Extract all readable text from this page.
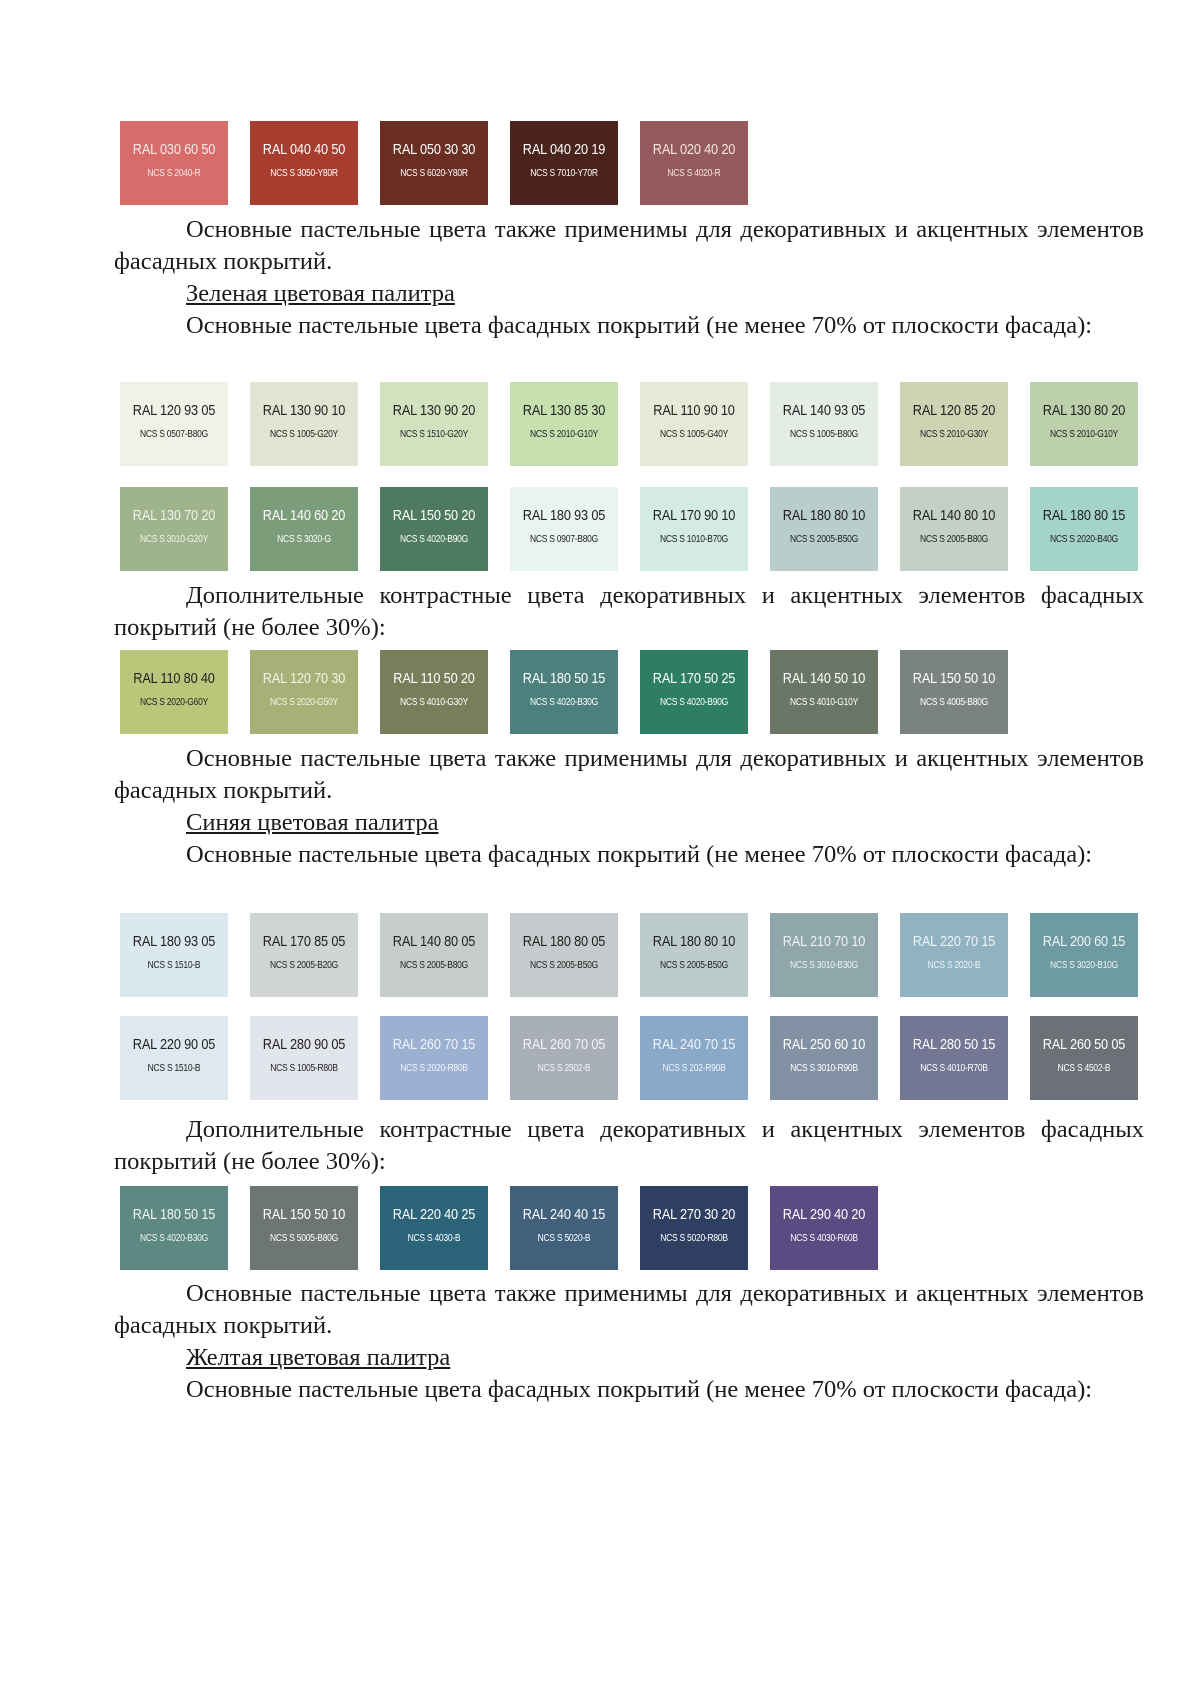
RAL 030 60 50
NCS S 2040-R
RAL 040 40 50
NCS S 3050-Y80R
RAL 050 30 30
NCS S 6020-Y80R
RAL 040 20 19
NCS S 7010-Y70R
RAL 020 40 20
NCS S 4020-R
Основные пастельные цвета также применимы для декоративных и акцентных элементов фасадных покрытий.
Зеленая цветовая палитра
Основные пастельные цвета фасадных покрытий (не менее 70% от плоскости фасада):
RAL 120 93 05
NCS S 0507-B80G
RAL 130 90 10
NCS S 1005-G20Y
RAL 130 90 20
NCS S 1510-G20Y
RAL 130 85 30
NCS S 2010-G10Y
RAL 110 90 10
NCS S 1005-G40Y
RAL 140 93 05
NCS S 1005-B80G
RAL 120 85 20
NCS S 2010-G30Y
RAL 130 80 20
NCS S 2010-G10Y
RAL 130 70 20
NCS S 3010-G20Y
RAL 140 60 20
NCS S 3020-G
RAL 150 50 20
NCS S 4020-B90G
RAL 180 93 05
NCS S 0907-B80G
RAL 170 90 10
NCS S 1010-B70G
RAL 180 80 10
NCS S 2005-B50G
RAL 140 80 10
NCS S 2005-B80G
RAL 180 80 15
NCS S 2020-B40G
Дополнительные контрастные цвета декоративных и акцентных элементов фасадных покрытий (не более 30%):
RAL 110 80 40
NCS S 2020-G60Y
RAL 120 70 30
NCS S 2020-G50Y
RAL 110 50 20
NCS S 4010-G30Y
RAL 180 50 15
NCS S 4020-B30G
RAL 170 50 25
NCS S 4020-B90G
RAL 140 50 10
NCS S 4010-G10Y
RAL 150 50 10
NCS S 4005-B80G
Основные пастельные цвета также применимы для декоративных и акцентных элементов фасадных покрытий.
Синяя цветовая палитра
Основные пастельные цвета фасадных покрытий (не менее 70% от плоскости фасада):
RAL 180 93 05
NCS S 1510-B
RAL 170 85 05
NCS S 2005-B20G
RAL 140 80 05
NCS S 2005-B80G
RAL 180 80 05
NCS S 2005-B50G
RAL 180 80 10
NCS S 2005-B50G
RAL 210 70 10
NCS S 3010-B30G
RAL 220 70 15
NCS S 2020-B
RAL 200 60 15
NCS S 3020-B10G
RAL 220 90 05
NCS S 1510-B
RAL 280 90 05
NCS S 1005-R80B
RAL 260 70 15
NCS S 2020-R80B
RAL 260 70 05
NCS S 2502-B
RAL 240 70 15
NCS S 202-R90B
RAL 250 60 10
NCS S 3010-R90B
RAL 280 50 15
NCS S 4010-R70B
RAL 260 50 05
NCS S 4502-B
Дополнительные контрастные цвета декоративных и акцентных элементов фасадных покрытий (не более 30%):
RAL 180 50 15
NCS S 4020-B30G
RAL 150 50 10
NCS S 5005-B80G
RAL 220 40 25
NCS S 4030-B
RAL 240 40 15
NCS S 5020-B
RAL 270 30 20
NCS S 5020-R80B
RAL 290 40 20
NCS S 4030-R60B
Основные пастельные цвета также применимы для декоративных и акцентных элементов фасадных покрытий.
Желтая цветовая палитра
Основные пастельные цвета фасадных покрытий (не менее 70% от плоскости фасада):
